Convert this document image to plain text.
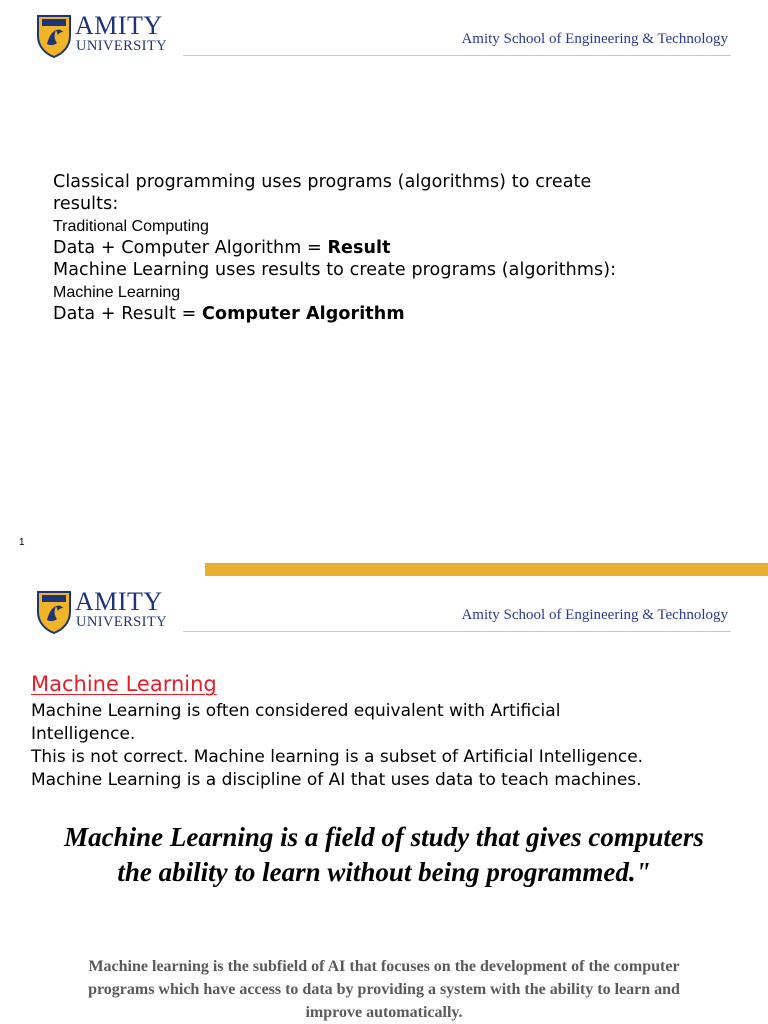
AMITY
UNIVERSITY	Amity School of Engineering & Technology
Classical programming uses programs (algorithms) to create
results:
Traditional Computing
Data + Computer Algorithm = Result
Machine Learning uses results to create programs (algorithms):
Machine Learning
Data + Result = Computer Algorithm
1
AMITY
UNIVERSITY	Amity School of Engineering & Technology
Machine Learning
Machine Learning is often considered equivalent with Artificial
Intelligence.
This is not correct. Machine learning is a subset of Artificial Intelligence.
Machine Learning is a discipline of AI that uses data to teach machines.
Machine Learning is a field of study that gives computers
the ability to learn without being programmed."
Machine learning is the subfield of AI that focuses on the development of the computer
programs which have access to data by providing a system with the ability to learn and
improve automatically.
